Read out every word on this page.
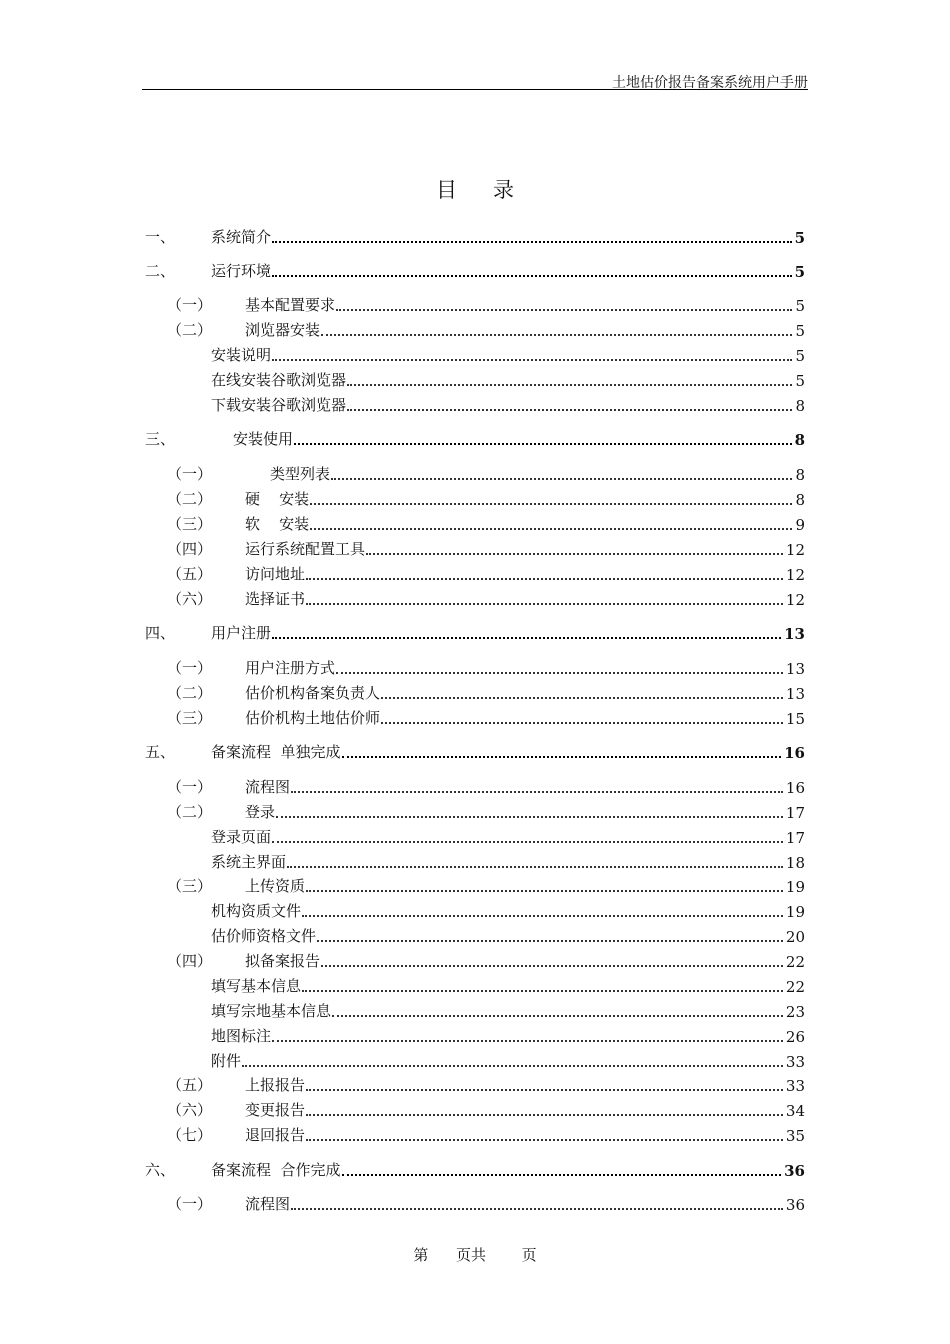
土地估价报告备案系统用户手册
目录
一、 系统简介	5
二、 运行环境	5
（一） 基本配置要求	5
（二） 浏览器安装	5
安装说明	5
在线安装谷歌浏览器	5
下载安装谷歌浏览器	8
三、	安装使用	8
（一）	类型列表	8
（二） 硬    安装	8
（三） 软    安装	9
（四） 运行系统配置工具	12
（五） 访问地址	12
（六） 选择证书	12
四、 用户注册	13
（一） 用户注册方式	13
（二） 估价机构备案负责人	13
（三） 估价机构土地估价师	15
五、 备案流程  单独完成	16
（一） 流程图	16
（二） 登录	17
登录页面	17
系统主界面	18
（三） 上传资质	19
机构资质文件	19
估价师资格文件	20
（四） 拟备案报告	22
填写基本信息	22
填写宗地基本信息	23
地图标注	26
附件	33
（五） 上报报告	33
（六） 变更报告	34
（七） 退回报告	35
六、 备案流程  合作完成	36
（一） 流程图	36
第 页共 页
